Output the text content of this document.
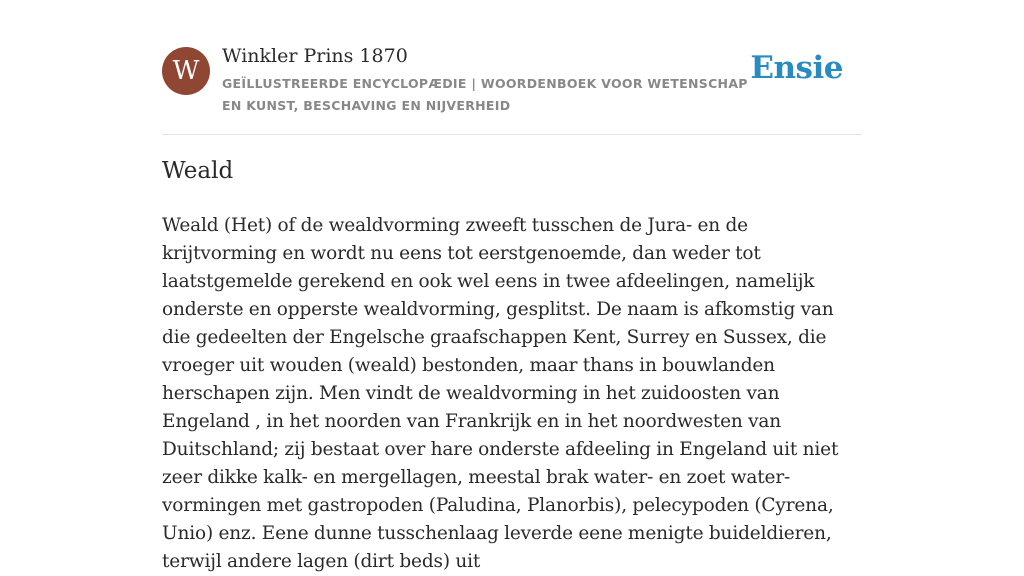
W	Winkler Prins 1870
GEÏLLUSTREERDE ENCYCLOPÆDIE | WOORDENBOEK VOOR WETENSCHAP EN KUNST, BESCHAVING EN NIJVERHEID
Ensie
Weald

Weald (Het) of de wealdvorming zweeft tusschen de Jura- en de krijtvorming en wordt nu eens tot eerstgenoemde, dan weder tot laatstgemelde gerekend en ook wel eens in twee afdeelingen, namelijk onderste en opperste wealdvorming, gesplitst. De naam is afkomstig van die gedeelten der Engelsche graafschappen Kent, Surrey en Sussex, die vroeger uit wouden (weald) bestonden, maar thans in bouwlanden herschapen zijn. Men vindt de wealdvorming in het zuidoosten van Engeland , in het noorden van Frankrijk en in het noordwesten van Duitschland; zij bestaat over hare onderste afdeeling in Engeland uit niet zeer dikke kalk- en mergellagen, meestal brak water- en zoet water-vormingen met gastropoden (Paludina, Planorbis), pelecypoden (Cyrena, Unio) enz. Eene dunne tusschenlaag leverde eene menigte buideldieren, terwijl andere lagen (dirt beds) uit
